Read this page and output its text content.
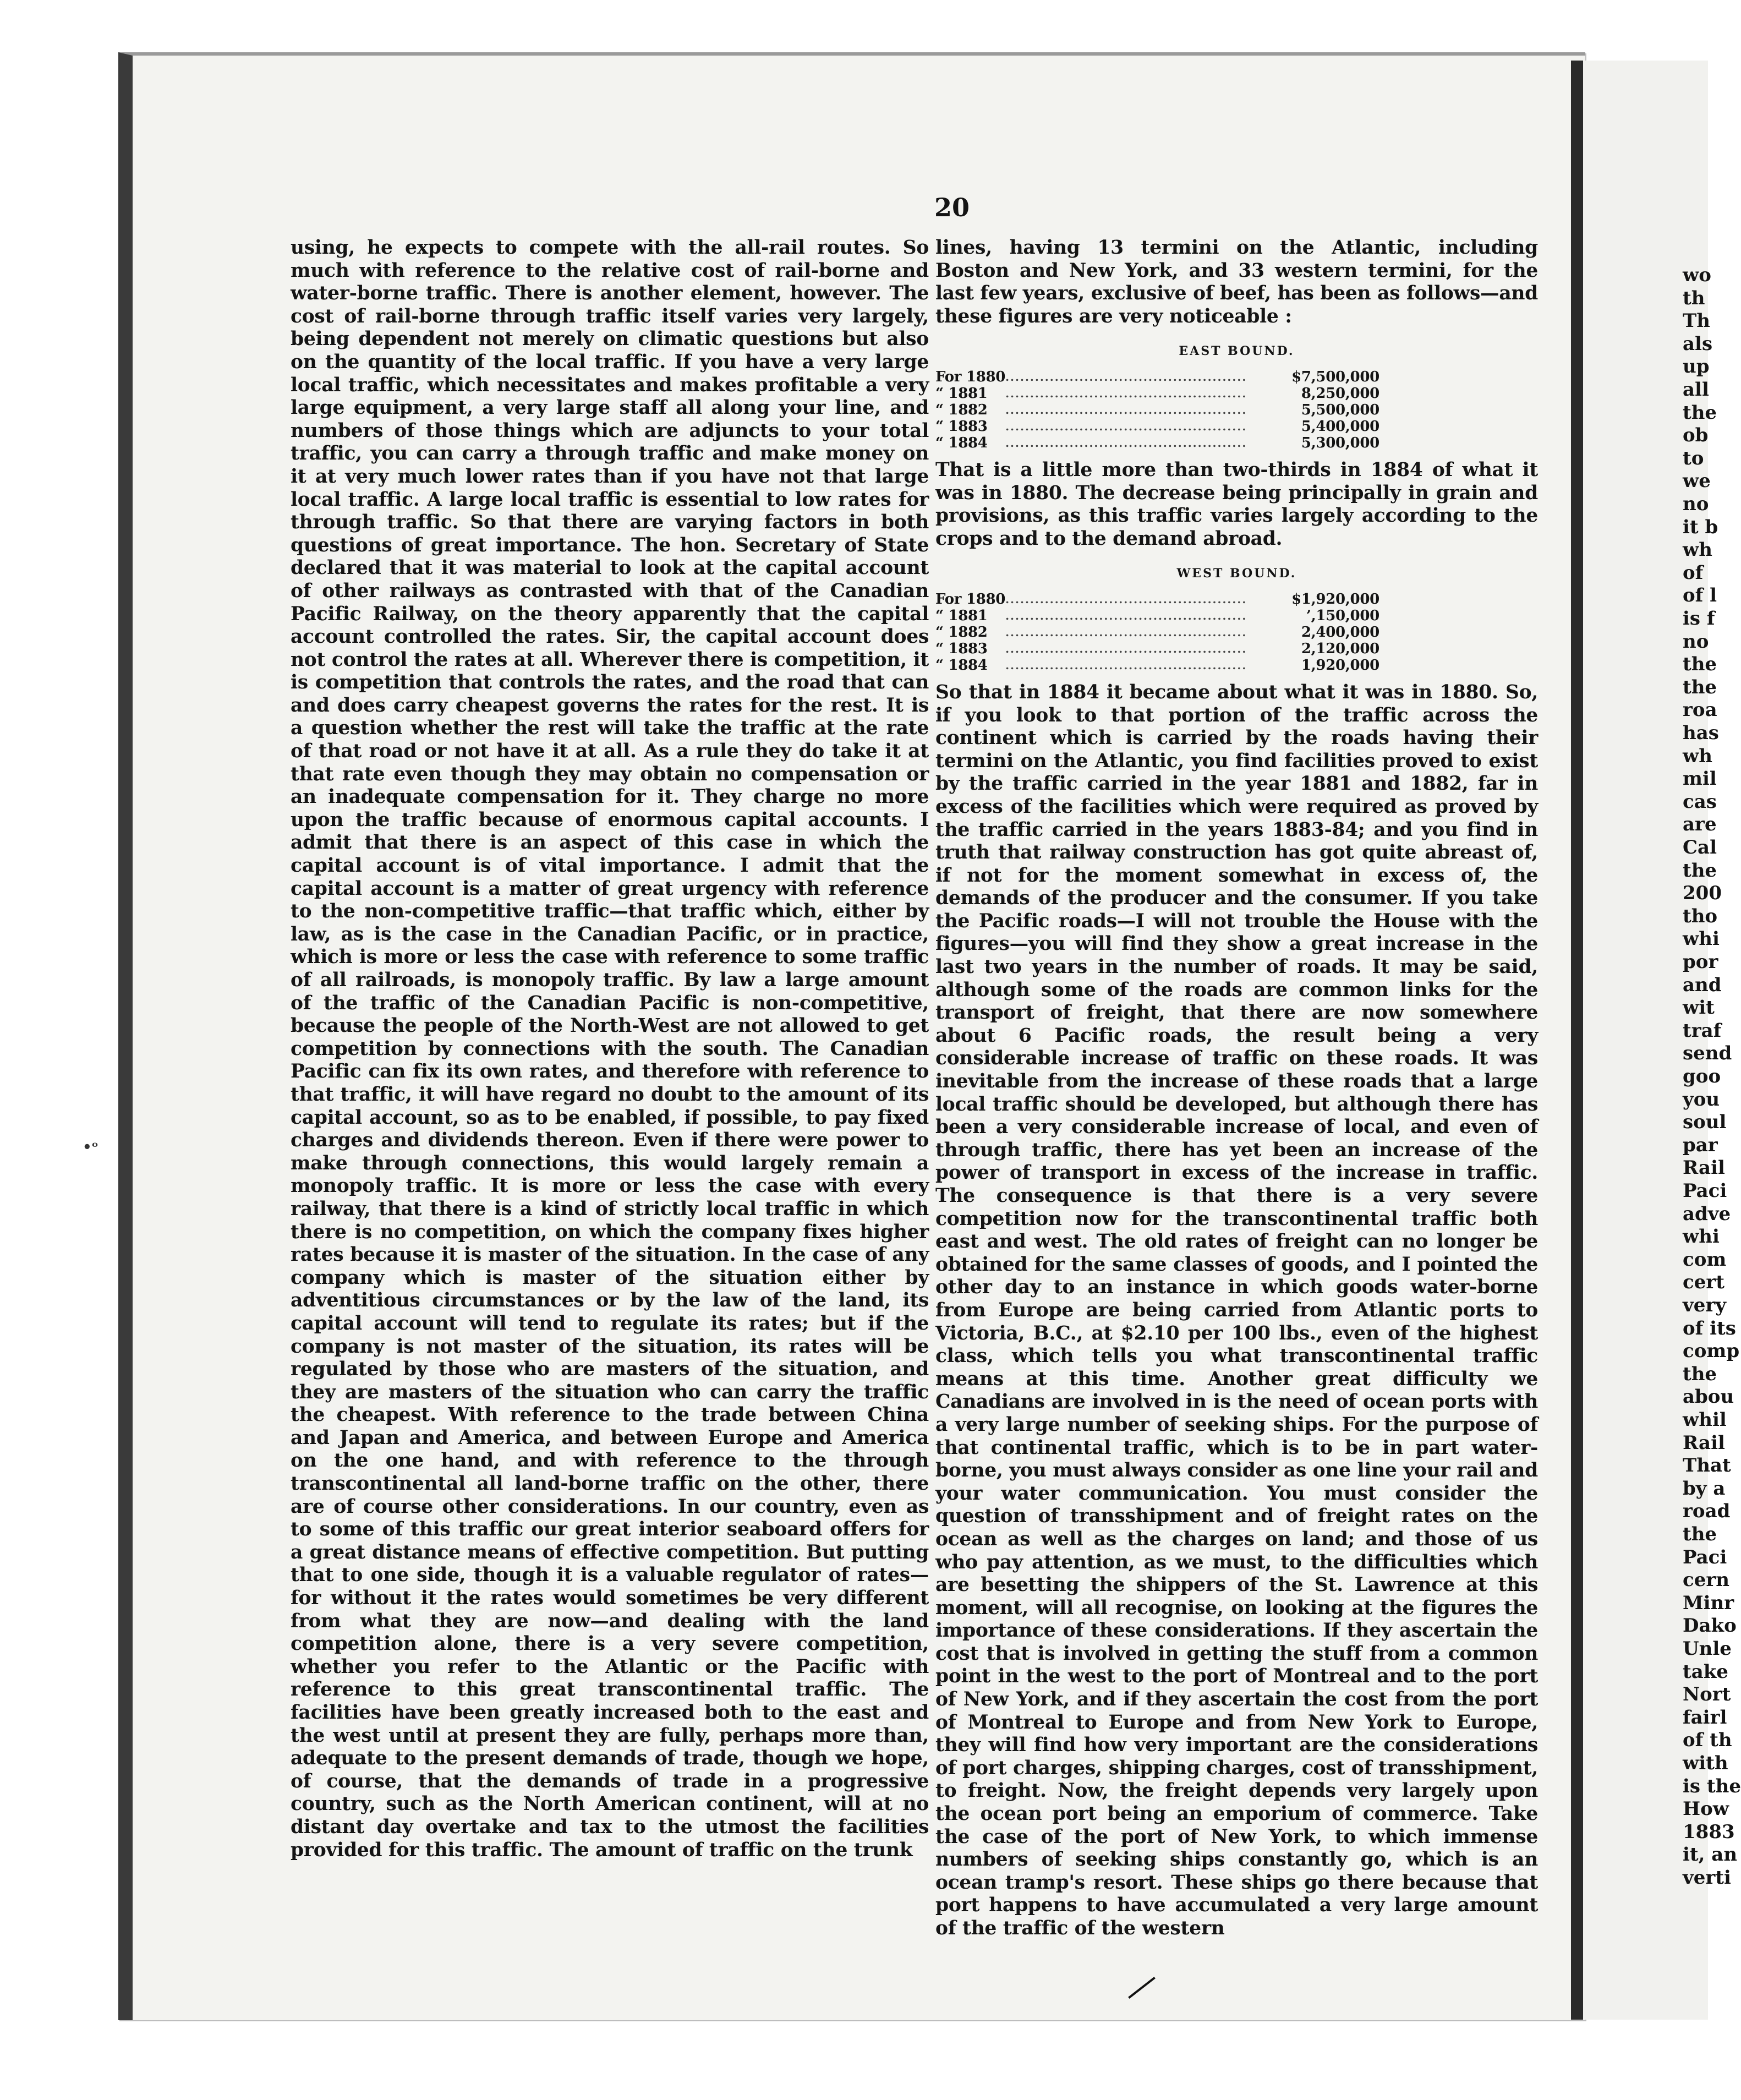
wo
th
Th
als
up
all
the
ob
to
we
no
it b
wh
of
of l
is f
no
the
the
roa
has
wh
mil
cas
are
Cal
the
200
tho
whi
por
and
wit
traf
send
goo
you
soul
par
Rail
Paci
adve
whi
com
cert
very
of its
comp
the
abou
whil
Rail
That
by a
road
the
Paci
cern
Minr
Dako
Unle
take
Nort
fairl
of th
with
is the
How
1883
it, an
verti
•ᵒ
20

using, he expects to compete with the all-rail routes. So much with reference to the relative cost of rail-borne and water-borne traffic. There is another element, however. The cost of rail-borne through traffic itself varies very largely, being dependent not merely on climatic questions but also on the quantity of the local traffic. If you have a very large local traffic, which necessitates and makes profitable a very large equipment, a very large staff all along your line, and numbers of those things which are adjuncts to your total traffic, you can carry a through traffic and make money on it at very much lower rates than if you have not that large local traffic. A large local traffic is essential to low rates for through traffic. So that there are varying factors in both questions of great importance. The hon. Secretary of State declared that it was material to look at the capital account of other railways as contrasted with that of the Canadian Pacific Railway, on the theory apparently that the capital account controlled the rates. Sir, the capital account does not control the rates at all. Wherever there is competition, it is competition that controls the rates, and the road that can and does carry cheapest governs the rates for the rest. It is a question whether the rest will take the traffic at the rate of that road or not have it at all. As a rule they do take it at that rate even though they may obtain no compensation or an inadequate compensation for it. They charge no more upon the traffic because of enormous capital accounts. I admit that there is an aspect of this case in which the capital account is of vital importance. I admit that the capital account is a matter of great urgency with reference to the non-competitive traffic—that traffic which, either by law, as is the case in the Canadian Pacific, or in practice, which is more or less the case with reference to some traffic of all railroads, is monopoly traffic. By law a large amount of the traffic of the Canadian Pacific is non-competitive, because the people of the North-West are not allowed to get competition by connections with the south. The Canadian Pacific can fix its own rates, and therefore with reference to that traffic, it will have regard no doubt to the amount of its capital account, so as to be enabled, if possible, to pay fixed charges and dividends thereon. Even if there were power to make through connections, this would largely remain a monopoly traffic. It is more or less the case with every railway, that there is a kind of strictly local traffic in which there is no competition, on which the company fixes higher rates because it is master of the situation. In the case of any company which is master of the situation either by adventitious circumstances or by the law of the land, its capital account will tend to regulate its rates; but if the company is not master of the situation, its rates will be regulated by those who are masters of the situation, and they are masters of the situation who can carry the traffic the cheapest. With reference to the trade between China and Japan and America, and between Europe and America on the one hand, and with reference to the through transcontinental all land-borne traffic on the other, there are of course other considerations. In our country, even as to some of this traffic our great interior seaboard offers for a great distance means of effective competition. But putting that to one side, though it is a valuable regulator of rates—for without it the rates would sometimes be very different from what they are now—and dealing with the land competition alone, there is a very severe competition, whether you refer to the Atlantic or the Pacific with reference to this great transcontinental traffic. The facilities have been greatly increased both to the east and the west until at present they are fully, perhaps more than, adequate to the present demands of trade, though we hope, of course, that the demands of trade in a progressive country, such as the North American continent, will at no distant day overtake and tax to the utmost the facilities provided for this traffic. The amount of traffic on the trunk

lines, having 13 termini on the Atlantic, including Boston and New York, and 33 western termini, for the last few years, exclusive of beef, has been as follows—and these figures are very noticeable :

EAST BOUND.
For 1880	.................................................	$7,500,000
“ 1881	.................................................	8,250,000
“ 1882	.................................................	5,500,000
“ 1883	.................................................	5,400,000
“ 1884	.................................................	5,300,000

That is a little more than two-thirds in 1884 of what it was in 1880. The decrease being principally in grain and provisions, as this traffic varies largely according to the crops and to the demand abroad.

WEST BOUND.
For 1880	.................................................	$1,920,000
“ 1881	.................................................	’,150,000
“ 1882	.................................................	2,400,000
“ 1883	.................................................	2,120,000
“ 1884	.................................................	1,920,000

So that in 1884 it became about what it was in 1880. So, if you look to that portion of the traffic across the continent which is carried by the roads having their termini on the Atlantic, you find facilities proved to exist by the traffic carried in the year 1881 and 1882, far in excess of the facilities which were required as proved by the traffic carried in the years 1883-84; and you find in truth that railway construction has got quite abreast of, if not for the moment somewhat in excess of, the demands of the producer and the consumer. If you take the Pacific roads—I will not trouble the House with the figures—you will find they show a great increase in the last two years in the number of roads. It may be said, although some of the roads are common links for the transport of freight, that there are now somewhere about 6 Pacific roads, the result being a very considerable increase of traffic on these roads. It was inevitable from the increase of these roads that a large local traffic should be developed, but although there has been a very considerable increase of local, and even of through traffic, there has yet been an increase of the power of transport in excess of the increase in traffic. The consequence is that there is a very severe competition now for the transcontinental traffic both east and west. The old rates of freight can no longer be obtained for the same classes of goods, and I pointed the other day to an instance in which goods water-borne from Europe are being carried from Atlantic ports to Victoria, B.C., at $2.10 per 100 lbs., even of the highest class, which tells you what transcontinental traffic means at this time. Another great difficulty we Canadians are involved in is the need of ocean ports with a very large number of seeking ships. For the purpose of that continental traffic, which is to be in part water-borne, you must always consider as one line your rail and your water communication. You must consider the question of transshipment and of freight rates on the ocean as well as the charges on land; and those of us who pay attention, as we must, to the difficulties which are besetting the shippers of the St. Lawrence at this moment, will all recognise, on looking at the figures the importance of these considerations. If they ascertain the cost that is involved in getting the stuff from a common point in the west to the port of Montreal and to the port of New York, and if they ascertain the cost from the port of Montreal to Europe and from New York to Europe, they will find how very important are the considerations of port charges, shipping charges, cost of transshipment, to freight. Now, the freight depends very largely upon the ocean port being an emporium of commerce. Take the case of the port of New York, to which immense numbers of seeking ships constantly go, which is an ocean tramp's resort. These ships go there because that port happens to have accumulated a very large amount of the traffic of the western
